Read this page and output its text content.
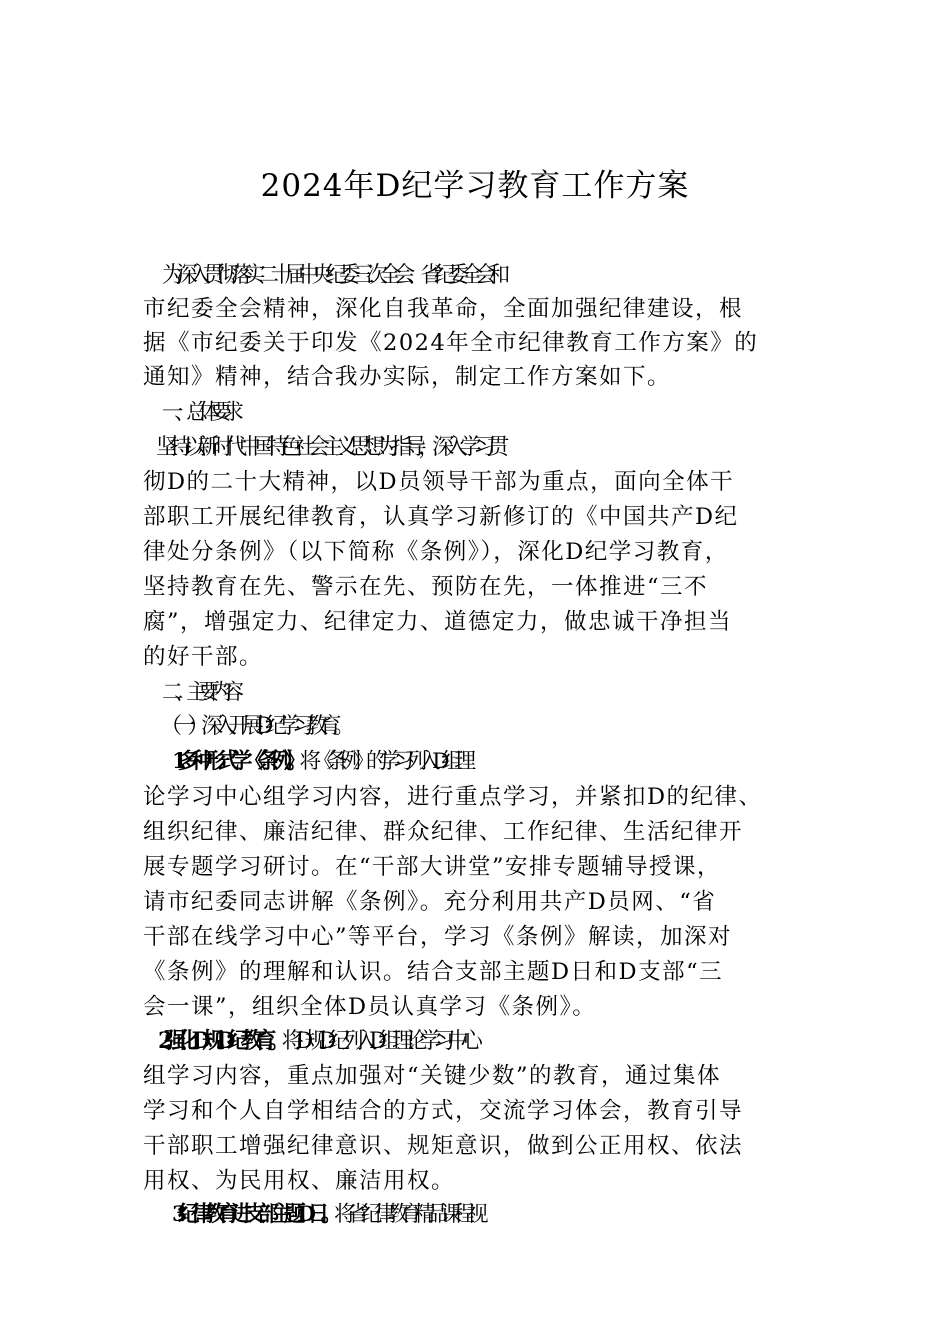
2024年D纪学习教育工作方案
为深入贯彻落实二十届中央纪委三次全会、省纪委全会和
市纪委全会精神，深化自我革命，全面加强纪律建设，根
据《市纪委关于印发《2024年全市纪律教育工作方案》的
通知》精神，结合我办实际，制定工作方案如下。
一、总体要求
坚持以新时代中国特色社会主义思想为指导，深入学习贯
彻D的二十大精神，以D员领导干部为重点，面向全体干
部职工开展纪律教育，认真学习新修订的《中国共产D纪
律处分条例》（以下简称《条例》），深化D纪学习教育，
坚持教育在先、警示在先、预防在先，一体推进“三不
腐”，增强定力、纪律定力、道德定力，做忠诚干净担当
的好干部。
二、主要内容
（一）深入开展D纪学习教育。
1.多种形式学《条例》。将《条例》的学习列入D组理
论学习中心组学习内容，进行重点学习，并紧扣D的纪律、
组织纪律、廉洁纪律、群众纪律、工作纪律、生活纪律开
展专题学习研讨。在“干部大讲堂”安排专题辅导授课，
请市纪委同志讲解《条例》。充分利用共产D员网、“省
干部在线学习中心”等平台，学习《条例》解读，加深对
《条例》的理解和认识。结合支部主题D日和D支部“三
会一课”，组织全体D员认真学习《条例》。
2.强化D规D纪教育。将D规D纪列入D组理论学习中心
组学习内容，重点加强对“关键少数”的教育，通过集体
学习和个人自学相结合的方式，交流学习体会，教育引导
干部职工增强纪律意识、规矩意识，做到公正用权、依法
用权、为民用权、廉洁用权。
3.纪律教育进支部主题D日。将省纪律教育精品课程视
